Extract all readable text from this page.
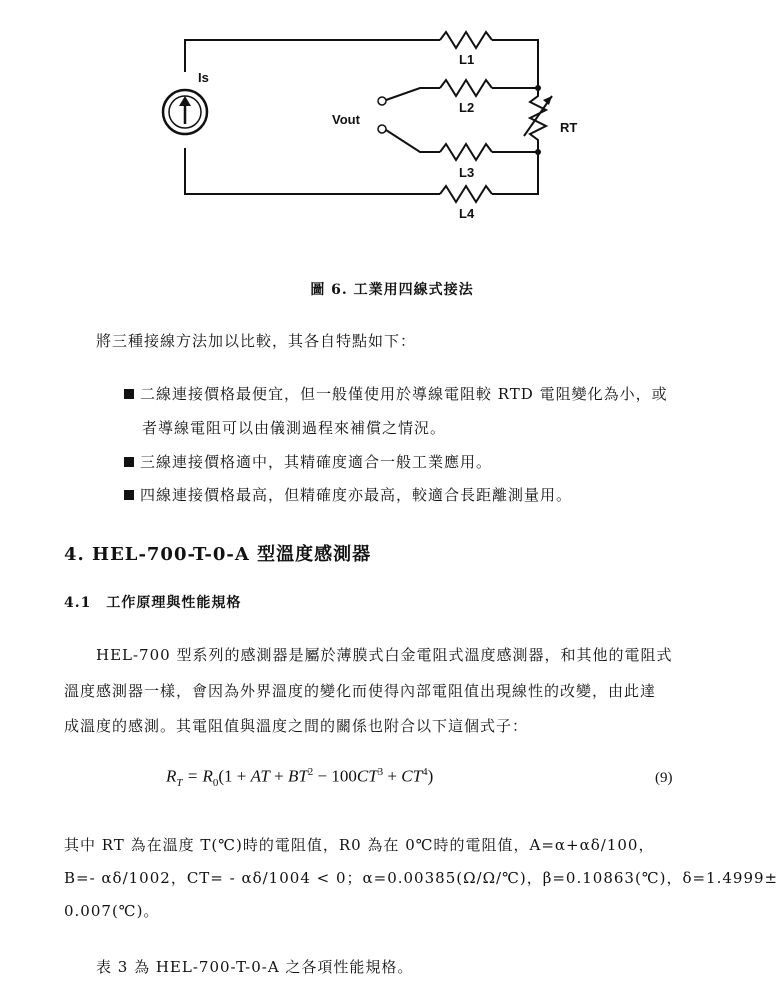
Is
Vout
L1
L2
L3
L4
RT
圖 6. 工業用四線式接法
將三種接線方法加以比較，其各自特點如下：
二線連接價格最便宜，但一般僅使用於導線電阻較 RTD 電阻變化為小，或
者導線電阻可以由儀測過程來補償之情況。
三線連接價格適中，其精確度適合一般工業應用。
四線連接價格最高，但精確度亦最高，較適合長距離測量用。
4. HEL-700-T-0-A 型溫度感測器
4.1　工作原理與性能規格
HEL-700 型系列的感測器是屬於薄膜式白金電阻式溫度感測器，和其他的電阻式
溫度感測器一樣，會因為外界溫度的變化而使得內部電阻值出現線性的改變，由此達
成溫度的感測。其電阻值與溫度之間的關係也附合以下這個式子：
$R_T = R_0(1$ + AT + $BT^2 - 100CT^3 + CT^4$)	(9)
其中 RT 為在溫度 T(℃)時的電阻值，R0 為在 0℃時的電阻值，A=α+αδ/100，
B=- αδ/1002，CT= - αδ/1004 < 0；α=0.00385(Ω/Ω/℃)，β=0.10863(℃)，δ=1.4999±
0.007(℃)。
表 3 為 HEL-700-T-0-A 之各項性能規格。
